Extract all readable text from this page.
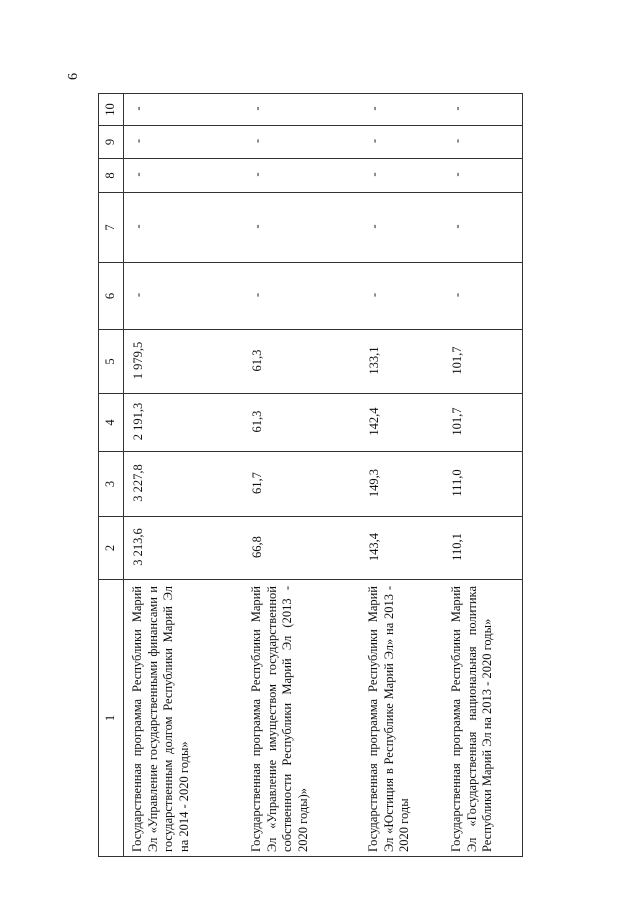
6
1	2	3	4	5	6	7	8	9	10
Государственная программа Республики Марий Эл «Управление государственными финансами и государственным долгом Республики Марий Эл на 2014 - 2020 годы»	3 213,6	3 227,8	2 191,3	1 979,5	-	-	-	-	-
Государственная программа Республики Марий Эл «Управление имуществом государственной собственности Республики Марий Эл (2013 - 2020 годы)»	66,8	61,7	61,3	61,3	-	-	-	-	-
Государственная программа Республики Марий Эл «Юстиция в Республике Марий Эл» на 2013 - 2020 годы	143,4	149,3	142,4	133,1	-	-	-	-	-
Государственная программа Республики Марий Эл «Государственная национальная политика Республики Марий Эл на 2013 - 2020 годы»	110,1	111,0	101,7	101,7	-	-	-	-	-
